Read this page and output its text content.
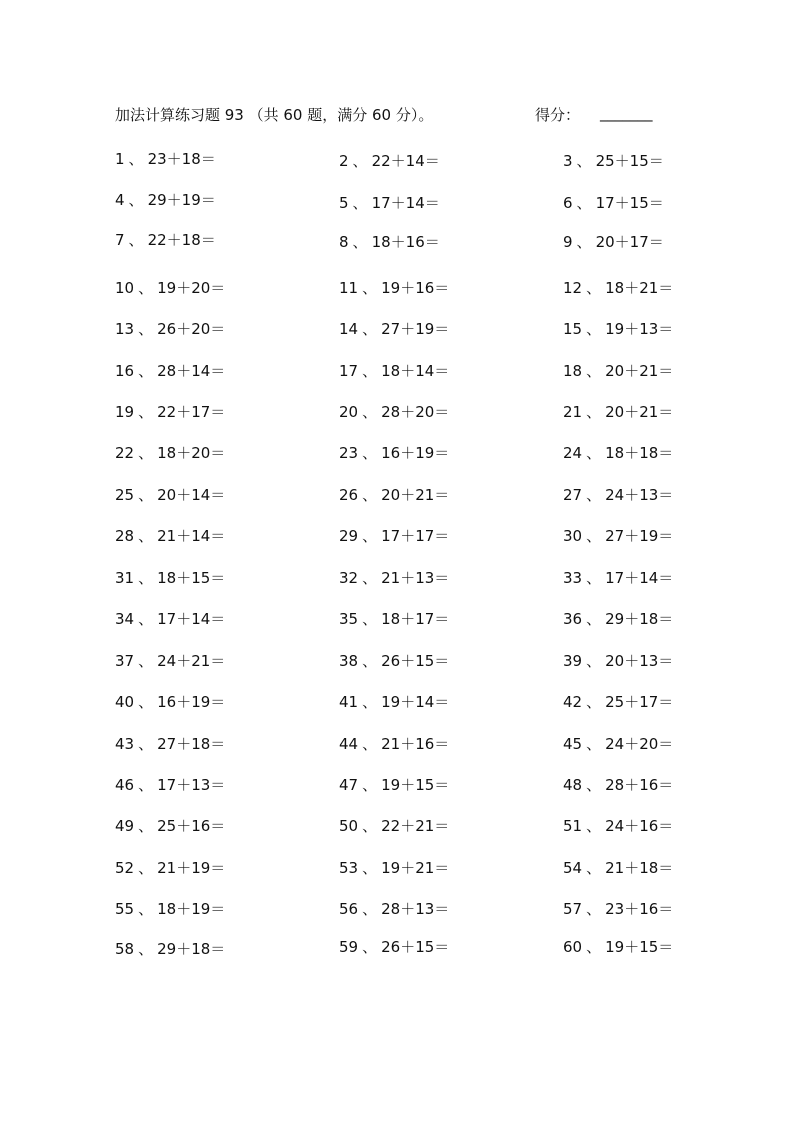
加法计算练习题 93 （共 60 题，满分 60 分）。	得分： _______
1 、 23＋18＝	2 、 22＋14＝	3 、 25＋15＝
4 、 29＋19＝	5 、 17＋14＝	6 、 17＋15＝
7 、 22＋18＝	8 、 18＋16＝	9 、 20＋17＝
10 、 19＋20＝	11 、 19＋16＝	12 、 18＋21＝
13 、 26＋20＝	14 、 27＋19＝	15 、 19＋13＝
16 、 28＋14＝	17 、 18＋14＝	18 、 20＋21＝
19 、 22＋17＝	20 、 28＋20＝	21 、 20＋21＝
22 、 18＋20＝	23 、 16＋19＝	24 、 18＋18＝
25 、 20＋14＝	26 、 20＋21＝	27 、 24＋13＝
28 、 21＋14＝	29 、 17＋17＝	30 、 27＋19＝
31 、 18＋15＝	32 、 21＋13＝	33 、 17＋14＝
34 、 17＋14＝	35 、 18＋17＝	36 、 29＋18＝
37 、 24＋21＝	38 、 26＋15＝	39 、 20＋13＝
40 、 16＋19＝	41 、 19＋14＝	42 、 25＋17＝
43 、 27＋18＝	44 、 21＋16＝	45 、 24＋20＝
46 、 17＋13＝	47 、 19＋15＝	48 、 28＋16＝
49 、 25＋16＝	50 、 22＋21＝	51 、 24＋16＝
52 、 21＋19＝	53 、 19＋21＝	54 、 21＋18＝
55 、 18＋19＝	56 、 28＋13＝	57 、 23＋16＝
58 、 29＋18＝	59 、 26＋15＝	60 、 19＋15＝
